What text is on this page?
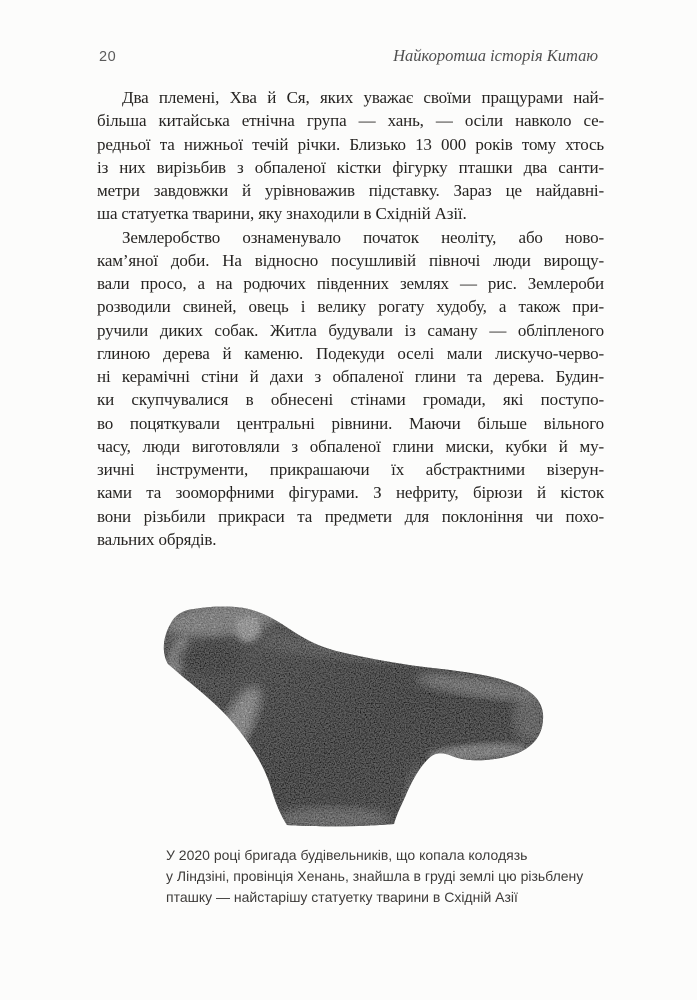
20	Найкоротша історія Китаю

Два племені, Хва й Ся, яких уважає своїми пращурами най-
більша китайська етнічна група — хань, — осіли навколо се-
редньої та нижньої течій річки. Близько 13 000 років тому хтось
із них вирізьбив з обпаленої кістки фігурку пташки два санти-
метри завдовжки й урівноважив підставку. Зараз це найдавні-
ша статуетка тварини, яку знаходили в Східній Азії.

Землеробство ознаменувало початок неоліту, або ново-
кам’яної доби. На відносно посушливій півночі люди вирощу-
вали просо, а на родючих південних землях — рис. Землероби
розводили свиней, овець і велику рогату худобу, а також при-
ручили диких собак. Житла будували із саману — обліпленого
глиною дерева й каменю. Подекуди оселі мали лискучо-черво-
ні керамічні стіни й дахи з обпаленої глини та дерева. Будин-
ки скупчувалися в обнесені стінами громади, які поступо-
во поцяткували центральні рівнини. Маючи більше вільного
часу, люди виготовляли з обпаленої глини миски, кубки й му-
зичні інструменти, прикрашаючи їх абстрактними візерун-
ками та зооморфними фігурами. З нефриту, бірюзи й кісток
вони різьбили прикраси та предмети для поклоніння чи похо-
вальних обрядів.

У 2020 році бригада будівельників, що копала колодязь
у Ліндзіні, провінція Хенань, знайшла в груді землі цю різьблену
пташку — найстарішу статуетку тварини в Східній Азії
